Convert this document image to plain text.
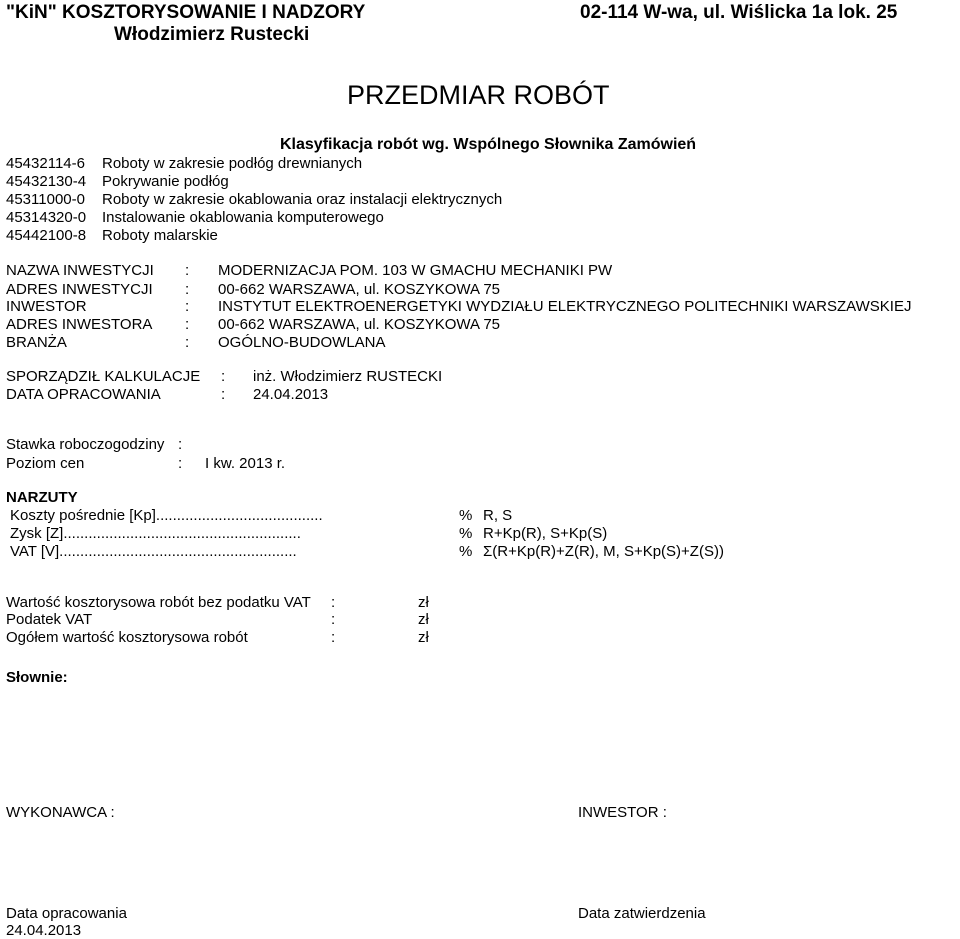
"KiN" KOSZTORYSOWANIE I NADZORY
Włodzimierz Rustecki
02-114 W-wa, ul. Wiślicka 1a lok. 25
PRZEDMIAR ROBÓT
Klasyfikacja robót wg. Wspólnego Słownika Zamówień
45432114-6 Roboty w zakresie podłóg drewnianych
45432130-4 Pokrywanie podłóg
45311000-0 Roboty w zakresie okablowania oraz instalacji elektrycznych
45314320-0 Instalowanie okablowania komputerowego
45442100-8 Roboty malarskie
NAZWA INWESTYCJI : MODERNIZACJA POM. 103 W GMACHU MECHANIKI PW
ADRES INWESTYCJI : 00-662 WARSZAWA, ul. KOSZYKOWA 75
INWESTOR	: INSTYTUT ELEKTROENERGETYKI WYDZIAŁU ELEKTRYCZNEGO POLITECHNIKI WARSZAWSKIEJ
ADRES INWESTORA : 00-662 WARSZAWA, ul. KOSZYKOWA 75
BRANŻA	: OGÓLNO-BUDOWLANA
SPORZĄDZIŁ KALKULACJE : inż. Włodzimierz RUSTECKI
DATA OPRACOWANIA	: 24.04.2013
Stawka roboczogodziny :
Poziom cen	: I kw. 2013 r.
NARZUTY
Koszty pośrednie [Kp]........................................	% R, S
Zysk [Z].........................................................	% R+Kp(R), S+Kp(S)
VAT [V].........................................................	% Σ(R+Kp(R)+Z(R), M, S+Kp(S)+Z(S))
Wartość kosztorysowa robót bez podatku VAT :	zł
Podatek VAT	:	zł
Ogółem wartość kosztorysowa robót	:	zł
Słownie:
WYKONAWCA :	INWESTOR :
Data opracowania
24.04.2013
Data zatwierdzenia
